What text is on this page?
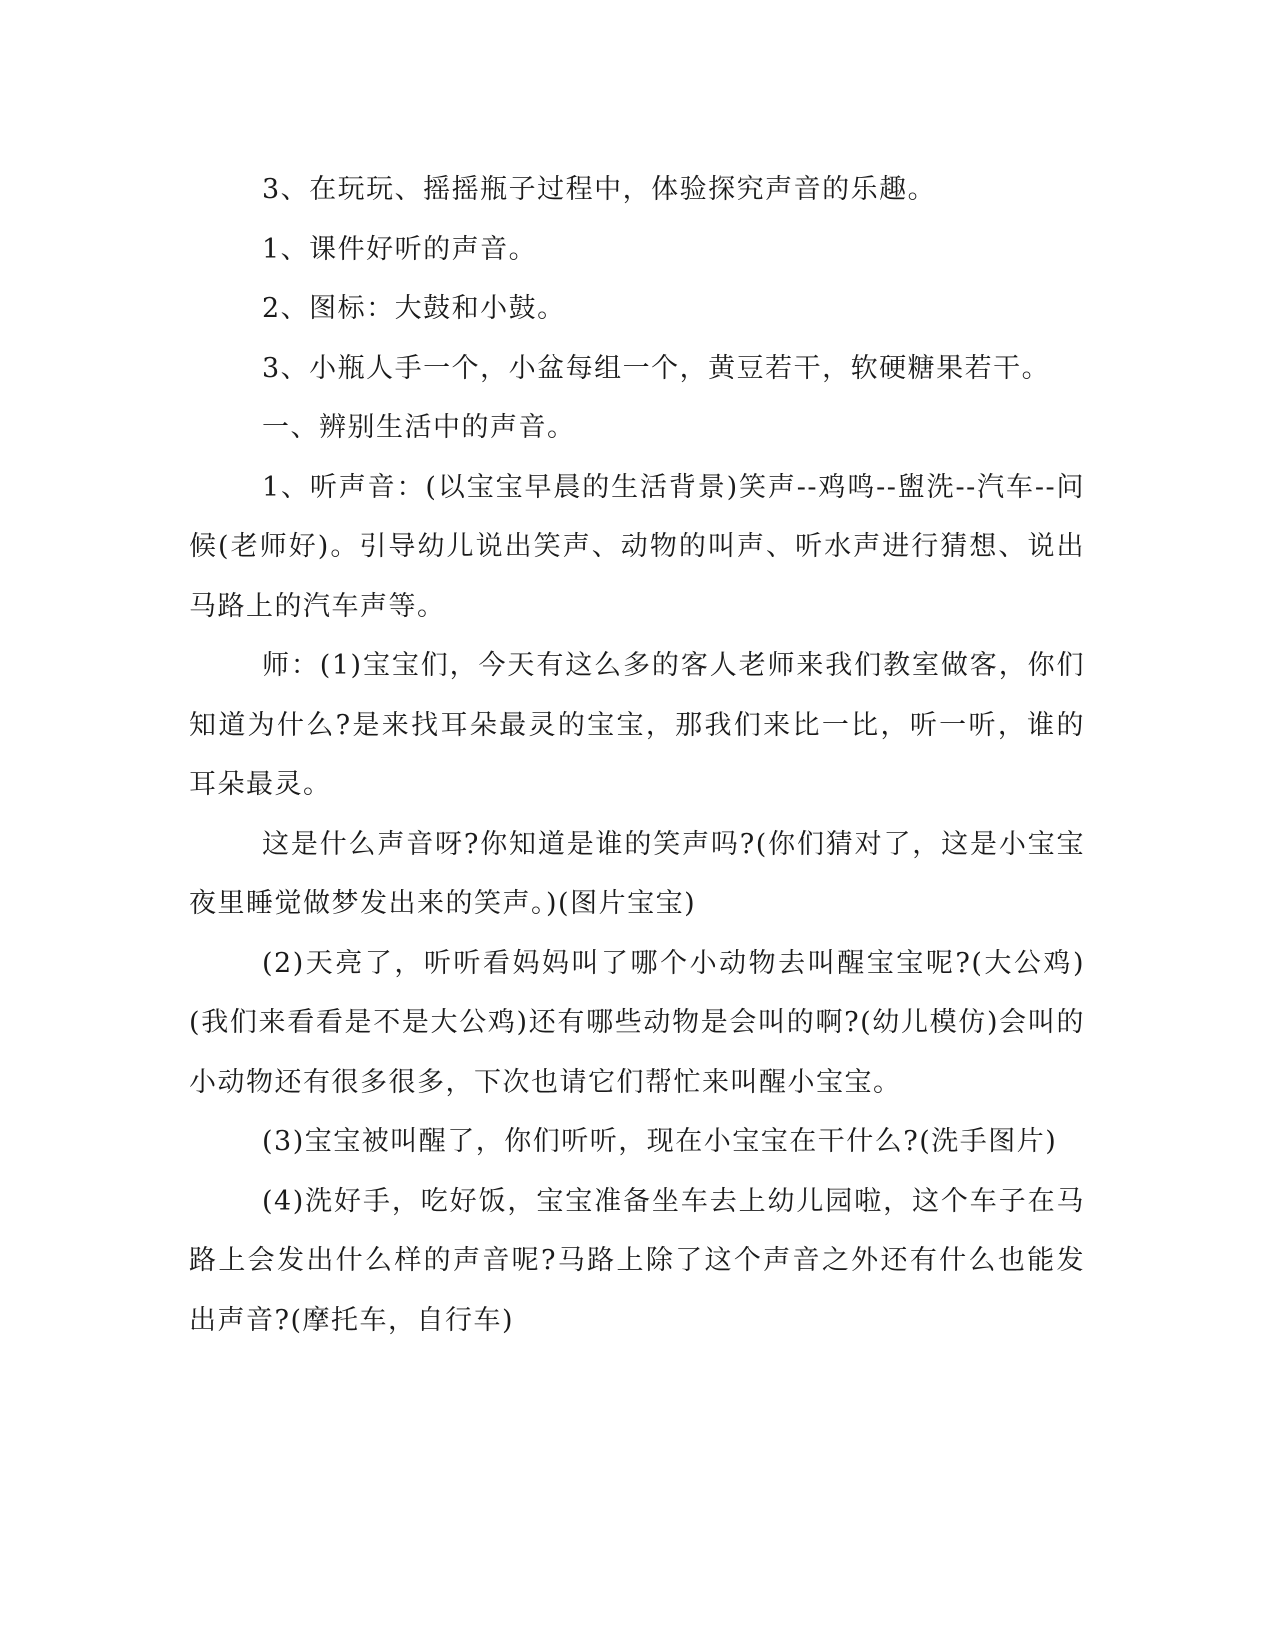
3、在玩玩、摇摇瓶子过程中，体验探究声音的乐趣。

1、课件好听的声音。

2、图标：大鼓和小鼓。

3、小瓶人手一个，小盆每组一个，黄豆若干，软硬糖果若干。

一、辨别生活中的声音。

1、听声音：(以宝宝早晨的生活背景)笑声--鸡鸣--盥洗--汽车--问候(老师好)。引导幼儿说出笑声、动物的叫声、听水声进行猜想、说出马路上的汽车声等。

师：(1)宝宝们，今天有这么多的客人老师来我们教室做客，你们知道为什么?是来找耳朵最灵的宝宝，那我们来比一比，听一听，谁的耳朵最灵。

这是什么声音呀?你知道是谁的笑声吗?(你们猜对了，这是小宝宝夜里睡觉做梦发出来的笑声。)(图片宝宝)

(2)天亮了，听听看妈妈叫了哪个小动物去叫醒宝宝呢?(大公鸡)(我们来看看是不是大公鸡)还有哪些动物是会叫的啊?(幼儿模仿)会叫的小动物还有很多很多，下次也请它们帮忙来叫醒小宝宝。

(3)宝宝被叫醒了，你们听听，现在小宝宝在干什么?(洗手图片)

(4)洗好手，吃好饭，宝宝准备坐车去上幼儿园啦，这个车子在马路上会发出什么样的声音呢?马路上除了这个声音之外还有什么也能发出声音?(摩托车，自行车)
